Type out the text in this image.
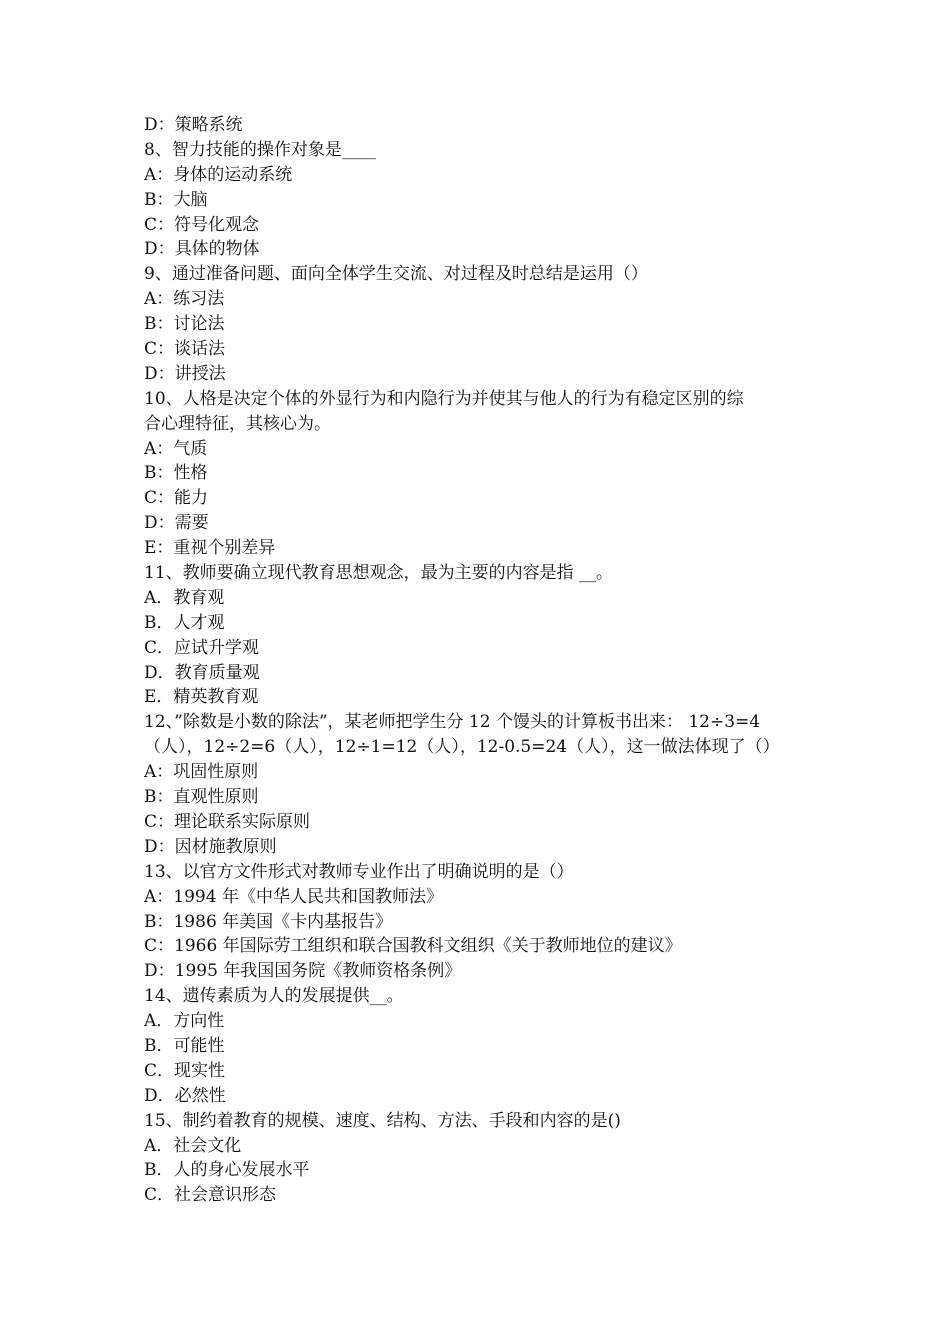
D：策略系统
8、智力技能的操作对象是____
A：身体的运动系统
B：大脑
C：符号化观念
D：具体的物体
9、通过准备问题、面向全体学生交流、对过程及时总结是运用（）
A：练习法
B：讨论法
C：谈话法
D：讲授法
10、人格是决定个体的外显行为和内隐行为并使其与他人的行为有稳定区别的综
合心理特征，其核心为。
A：气质
B：性格
C：能力
D：需要
E：重视个别差异
11、教师要确立现代教育思想观念，最为主要的内容是指 __。
A．教育观
B．人才观
C．应试升学观
D．教育质量观
E．精英教育观
12、”除数是小数的除法”，某老师把学生分 12 个馒头的计算板书出来： 12÷3=4
（人），12÷2=6（人），12÷1=12（人），12-0.5=24（人），这一做法体现了（）
A：巩固性原则
B：直观性原则
C：理论联系实际原则
D：因材施教原则
13、以官方文件形式对教师专业作出了明确说明的是（）
A：1994 年《中华人民共和国教师法》
B：1986 年美国《卡内基报告》
C：1966 年国际劳工组织和联合国教科文组织《关于教师地位的建议》
D：1995 年我国国务院《教师资格条例》
14、遗传素质为人的发展提供__。
A．方向性
B．可能性
C．现实性
D．必然性
15、制约着教育的规模、速度、结构、方法、手段和内容的是()
A．社会文化
B．人的身心发展水平
C．社会意识形态
